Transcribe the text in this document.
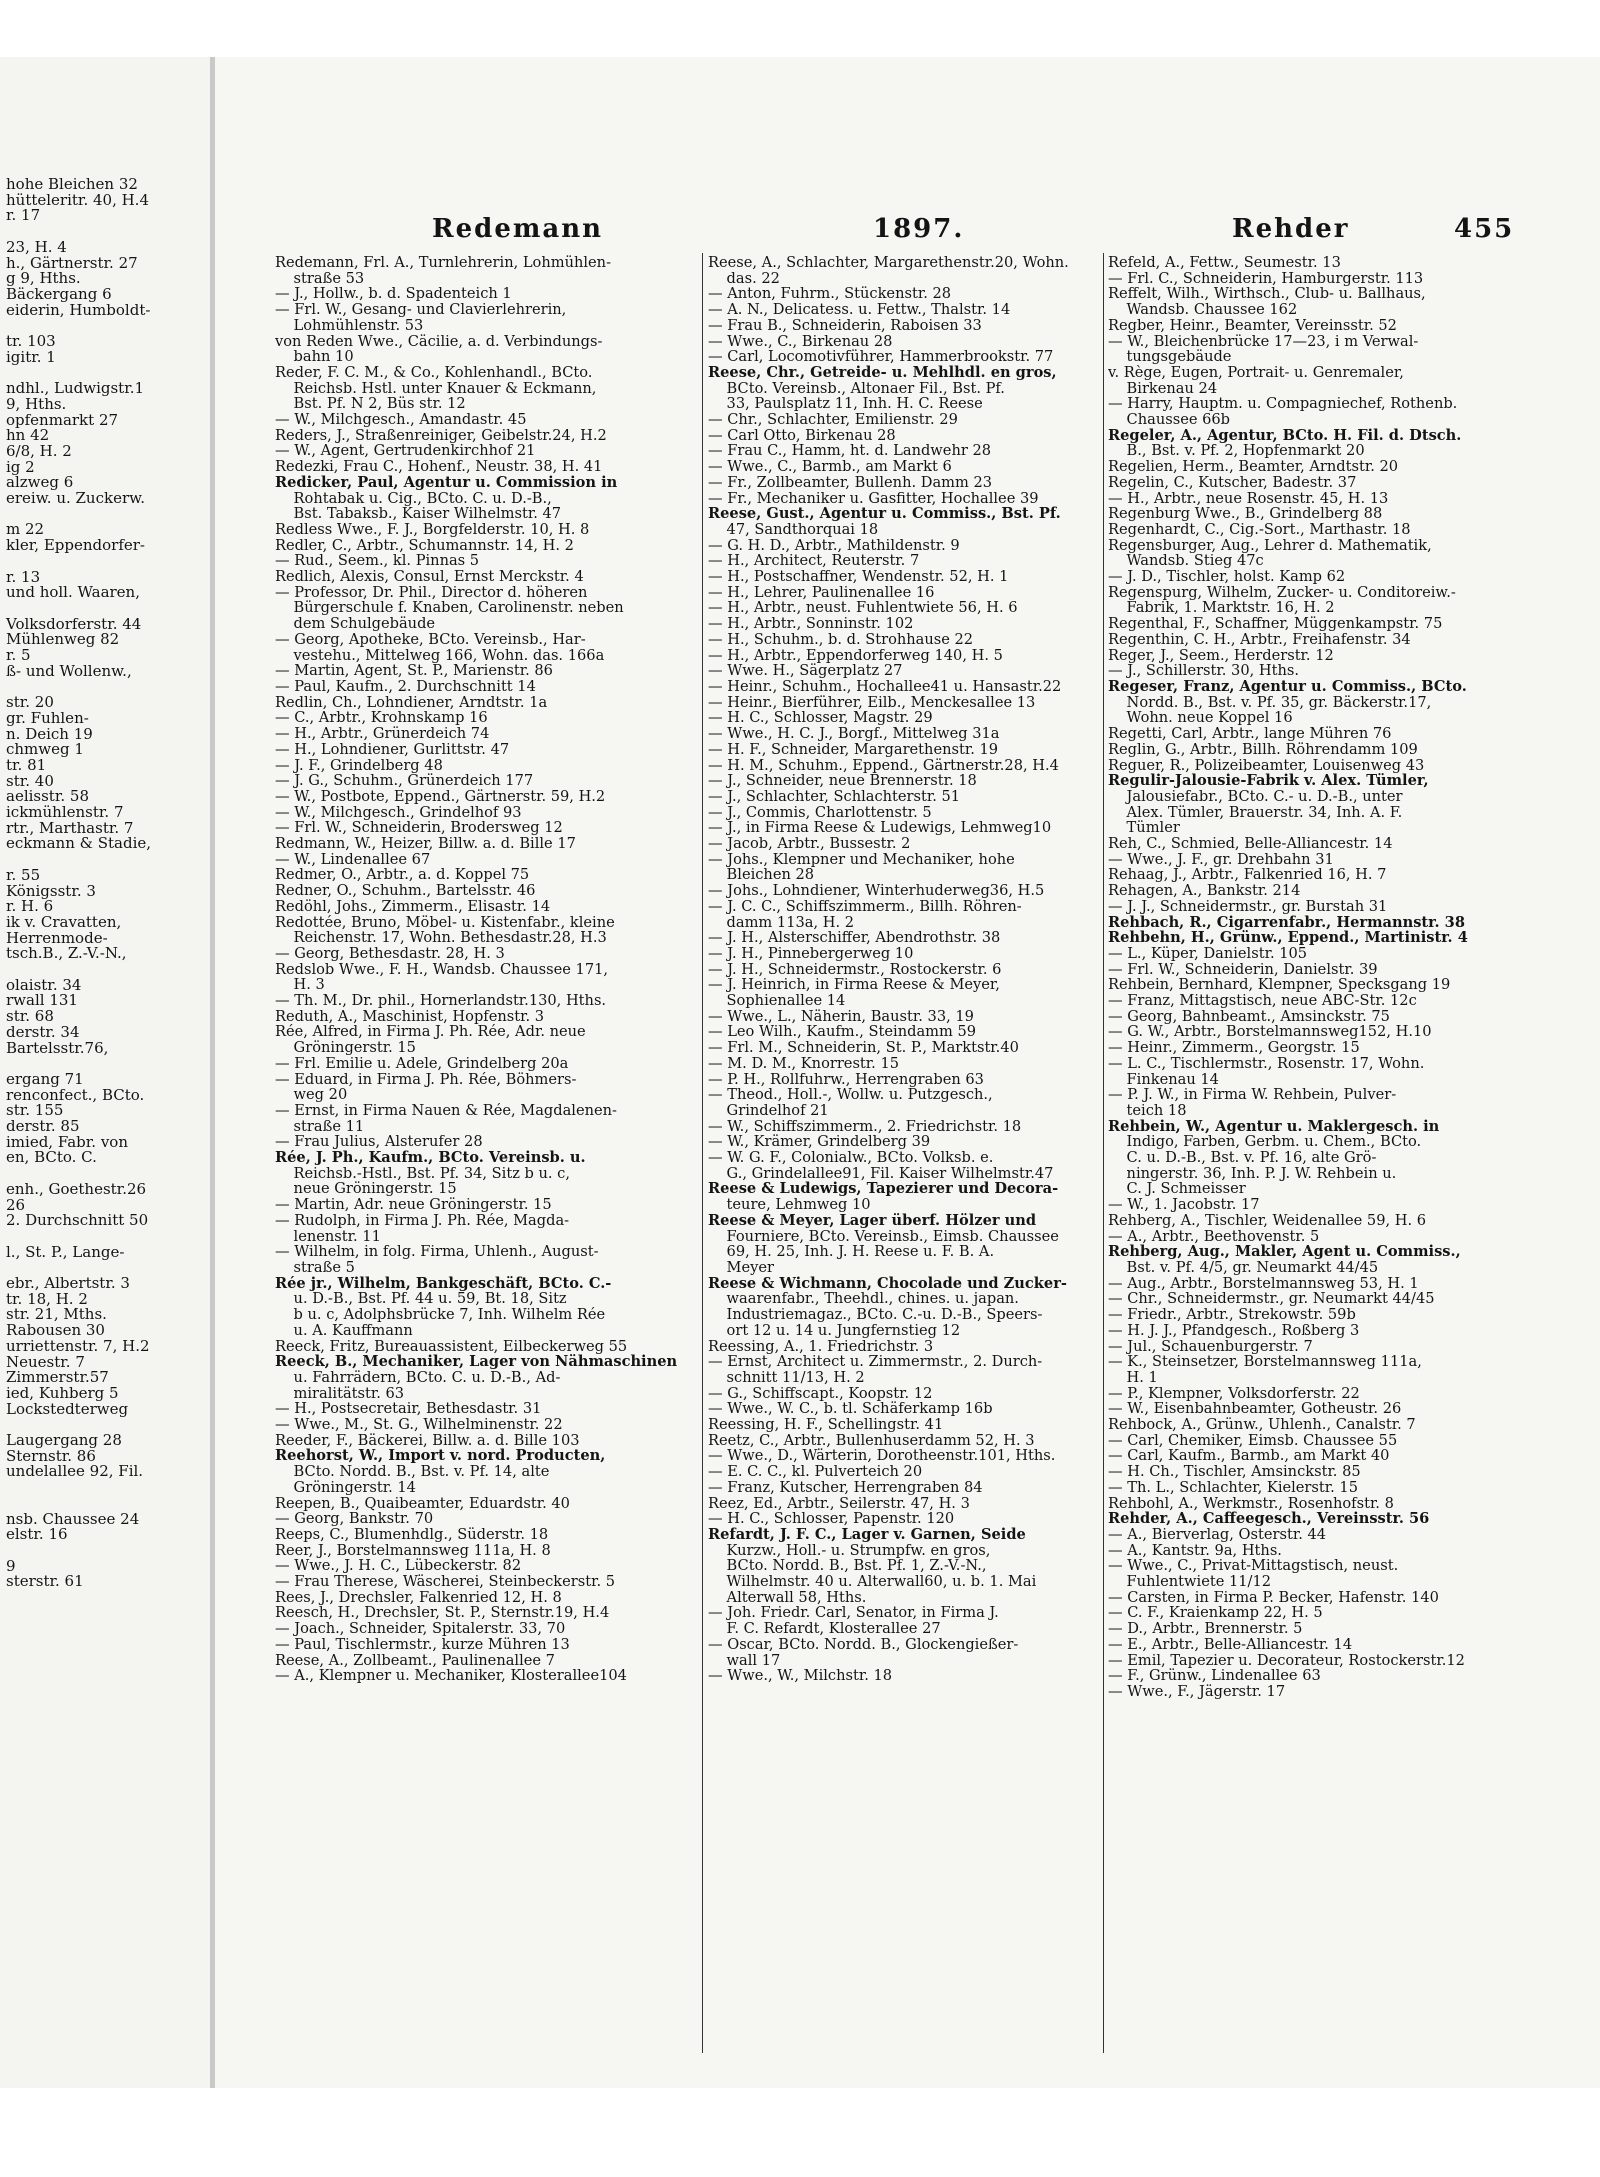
hohe Bleichen 32
hütteleritr. 40, H.4
r. 17
23, H. 4
h., Gärtnerstr. 27
g 9, Hths.
Bäckergang 6
eiderin, Humboldt-
tr. 103
igitr. 1
ndhl., Ludwigstr.1
9, Hths.
opfenmarkt 27
hn 42
6/8, H. 2
ig 2
alzweg 6
ereiw. u. Zuckerw.
m 22
kler, Eppendorfer-
r. 13
und holl. Waaren,
Volksdorferstr. 44
Mühlenweg 82
r. 5
ß- und Wollenw.,
str. 20
gr. Fuhlen-
n. Deich 19
chmweg 1
tr. 81
str. 40
aelisstr. 58
ickmühlenstr. 7
rtr., Marthastr. 7
eckmann & Stadie,
r. 55
Königsstr. 3
r. H. 6
ik v. Cravatten,
Herrenmode-
tsch.B., Z.-V.-N.,
olaistr. 34
rwall 131
str. 68
derstr. 34
Bartelsstr.76,
ergang 71
renconfect., BCto.
str. 155
derstr. 85
imied, Fabr. von
en, BCto. C.
enh., Goethestr.26
26
2. Durchschnitt 50
l., St. P., Lange-
ebr., Albertstr. 3
tr. 18, H. 2
str. 21, Mths.
Rabousen 30
urriettenstr. 7, H.2
Neuestr. 7
Zimmerstr.57
ied, Kuhberg 5
Lockstedterweg
Laugergang 28
Sternstr. 86
undelallee 92, Fil.
nsb. Chaussee 24
elstr. 16
9
sterstr. 61
Redemann	1897.	Rehder	455
Redemann, Frl. A., Turnlehrerin, Lohmühlen-
straße 53
— J., Hollw., b. d. Spadenteich 1
— Frl. W., Gesang- und Clavierlehrerin,
Lohmühlenstr. 53
von Reden Wwe., Cäcilie, a. d. Verbindungs-
bahn 10
Reder, F. C. M., & Co., Kohlenhandl., BCto.
Reichsb. Hstl. unter Knauer & Eckmann,
Bst. Pf. N 2, Büs str. 12
— W., Milchgesch., Amandastr. 45
Reders, J., Straßenreiniger, Geibelstr.24, H.2
— W., Agent, Gertrudenkirchhof 21
Redezki, Frau C., Hohenf., Neustr. 38, H. 41
Redicker, Paul, Agentur u. Commission in
Rohtabak u. Cig., BCto. C. u. D.-B.,
Bst. Tabaksb., Kaiser Wilhelmstr. 47
Redless Wwe., F. J., Borgfelderstr. 10, H. 8
Redler, C., Arbtr., Schumannstr. 14, H. 2
— Rud., Seem., kl. Pinnas 5
Redlich, Alexis, Consul, Ernst Merckstr. 4
— Professor, Dr. Phil., Director d. höheren
Bürgerschule f. Knaben, Carolinenstr. neben
dem Schulgebäude
— Georg, Apotheke, BCto. Vereinsb., Har-
vestehu., Mittelweg 166, Wohn. das. 166a
— Martin, Agent, St. P., Marienstr. 86
— Paul, Kaufm., 2. Durchschnitt 14
Redlin, Ch., Lohndiener, Arndtstr. 1a
— C., Arbtr., Krohnskamp 16
— H., Arbtr., Grünerdeich 74
— H., Lohndiener, Gurlittstr. 47
— J. F., Grindelberg 48
— J. G., Schuhm., Grünerdeich 177
— W., Postbote, Eppend., Gärtnerstr. 59, H.2
— W., Milchgesch., Grindelhof 93
— Frl. W., Schneiderin, Brodersweg 12
Redmann, W., Heizer, Billw. a. d. Bille 17
— W., Lindenallee 67
Redmer, O., Arbtr., a. d. Koppel 75
Redner, O., Schuhm., Bartelsstr. 46
Redöhl, Johs., Zimmerm., Elisastr. 14
Redottée, Bruno, Möbel- u. Kistenfabr., kleine
Reichenstr. 17, Wohn. Bethesdastr.28, H.3
— Georg, Bethesdastr. 28, H. 3
Redslob Wwe., F. H., Wandsb. Chaussee 171,
H. 3
— Th. M., Dr. phil., Hornerlandstr.130, Hths.
Reduth, A., Maschinist, Hopfenstr. 3
Rée, Alfred, in Firma J. Ph. Rée, Adr. neue
Gröningerstr. 15
— Frl. Emilie u. Adele, Grindelberg 20a
— Eduard, in Firma J. Ph. Rée, Böhmers-
weg 20
— Ernst, in Firma Nauen & Rée, Magdalenen-
straße 11
— Frau Julius, Alsterufer 28
Rée, J. Ph., Kaufm., BCto. Vereinsb. u.
Reichsb.-Hstl., Bst. Pf. 34, Sitz b u. c,
neue Gröningerstr. 15
— Martin, Adr. neue Gröningerstr. 15
— Rudolph, in Firma J. Ph. Rée, Magda-
lenenstr. 11
— Wilhelm, in folg. Firma, Uhlenh., August-
straße 5
Rée jr., Wilhelm, Bankgeschäft, BCto. C.-
u. D.-B., Bst. Pf. 44 u. 59, Bt. 18, Sitz
b u. c, Adolphsbrücke 7, Inh. Wilhelm Rée
u. A. Kauffmann
Reeck, Fritz, Bureauassistent, Eilbeckerweg 55
Reeck, B., Mechaniker, Lager von Nähmaschinen
u. Fahrrädern, BCto. C. u. D.-B., Ad-
miralitätstr. 63
— H., Postsecretair, Bethesdastr. 31
— Wwe., M., St. G., Wilhelminenstr. 22
Reeder, F., Bäckerei, Billw. a. d. Bille 103
Reehorst, W., Import v. nord. Producten,
BCto. Nordd. B., Bst. v. Pf. 14, alte
Gröningerstr. 14
Reepen, B., Quaibeamter, Eduardstr. 40
— Georg, Bankstr. 70
Reeps, C., Blumenhdlg., Süderstr. 18
Reer, J., Borstelmannsweg 111a, H. 8
— Wwe., J. H. C., Lübeckerstr. 82
— Frau Therese, Wäscherei, Steinbeckerstr. 5
Rees, J., Drechsler, Falkenried 12, H. 8
Reesch, H., Drechsler, St. P., Sternstr.19, H.4
— Joach., Schneider, Spitalerstr. 33, 70
— Paul, Tischlermstr., kurze Mühren 13
Reese, A., Zollbeamt., Paulinenallee 7
— A., Klempner u. Mechaniker, Klosterallee104
Reese, A., Schlachter, Margarethenstr.20, Wohn.
das. 22
— Anton, Fuhrm., Stückenstr. 28
— A. N., Delicatess. u. Fettw., Thalstr. 14
— Frau B., Schneiderin, Raboisen 33
— Wwe., C., Birkenau 28
— Carl, Locomotivführer, Hammerbrookstr. 77
Reese, Chr., Getreide- u. Mehlhdl. en gros,
BCto. Vereinsb., Altonaer Fil., Bst. Pf.
33, Paulsplatz 11, Inh. H. C. Reese
— Chr., Schlachter, Emilienstr. 29
— Carl Otto, Birkenau 28
— Frau C., Hamm, ht. d. Landwehr 28
— Wwe., C., Barmb., am Markt 6
— Fr., Zollbeamter, Bullenh. Damm 23
— Fr., Mechaniker u. Gasfitter, Hochallee 39
Reese, Gust., Agentur u. Commiss., Bst. Pf.
47, Sandthorquai 18
— G. H. D., Arbtr., Mathildenstr. 9
— H., Architect, Reuterstr. 7
— H., Postschaffner, Wendenstr. 52, H. 1
— H., Lehrer, Paulinenallee 16
— H., Arbtr., neust. Fuhlentwiete 56, H. 6
— H., Arbtr., Sonninstr. 102
— H., Schuhm., b. d. Strohhause 22
— H., Arbtr., Eppendorferweg 140, H. 5
— Wwe. H., Sägerplatz 27
— Heinr., Schuhm., Hochallee41 u. Hansastr.22
— Heinr., Bierführer, Eilb., Menckesallee 13
— H. C., Schlosser, Magstr. 29
— Wwe., H. C. J., Borgf., Mittelweg 31a
— H. F., Schneider, Margarethenstr. 19
— H. M., Schuhm., Eppend., Gärtnerstr.28, H.4
— J., Schneider, neue Brennerstr. 18
— J., Schlachter, Schlachterstr. 51
— J., Commis, Charlottenstr. 5
— J., in Firma Reese & Ludewigs, Lehmweg10
— Jacob, Arbtr., Bussestr. 2
— Johs., Klempner und Mechaniker, hohe
Bleichen 28
— Johs., Lohndiener, Winterhuderweg36, H.5
— J. C. C., Schiffszimmerm., Billh. Röhren-
damm 113a, H. 2
— J. H., Alsterschiffer, Abendrothstr. 38
— J. H., Pinnebergerweg 10
— J. H., Schneidermstr., Rostockerstr. 6
— J. Heinrich, in Firma Reese & Meyer,
Sophienallee 14
— Wwe., L., Näherin, Baustr. 33, 19
— Leo Wilh., Kaufm., Steindamm 59
— Frl. M., Schneiderin, St. P., Marktstr.40
— M. D. M., Knorrestr. 15
— P. H., Rollfuhrw., Herrengraben 63
— Theod., Holl.-, Wollw. u. Putzgesch.,
Grindelhof 21
— W., Schiffszimmerm., 2. Friedrichstr. 18
— W., Krämer, Grindelberg 39
— W. G. F., Colonialw., BCto. Volksb. e.
G., Grindelallee91, Fil. Kaiser Wilhelmstr.47
Reese & Ludewigs, Tapezierer und Decora-
teure, Lehmweg 10
Reese & Meyer, Lager überf. Hölzer und
Fourniere, BCto. Vereinsb., Eimsb. Chaussee
69, H. 25, Inh. J. H. Reese u. F. B. A.
Meyer
Reese & Wichmann, Chocolade und Zucker-
waarenfabr., Theehdl., chines. u. japan.
Industriemagaz., BCto. C.-u. D.-B., Speers-
ort 12 u. 14 u. Jungfernstieg 12
Reessing, A., 1. Friedrichstr. 3
— Ernst, Architect u. Zimmermstr., 2. Durch-
schnitt 11/13, H. 2
— G., Schiffscapt., Koopstr. 12
— Wwe., W. C., b. tl. Schäferkamp 16b
Reessing, H. F., Schellingstr. 41
Reetz, C., Arbtr., Bullenhuserdamm 52, H. 3
— Wwe., D., Wärterin, Dorotheenstr.101, Hths.
— E. C. C., kl. Pulverteich 20
— Franz, Kutscher, Herrengraben 84
Reez, Ed., Arbtr., Seilerstr. 47, H. 3
— H. C., Schlosser, Papenstr. 120
Refardt, J. F. C., Lager v. Garnen, Seide
Kurzw., Holl.- u. Strumpfw. en gros,
BCto. Nordd. B., Bst. Pf. 1, Z.-V.-N.,
Wilhelmstr. 40 u. Alterwall60, u. b. 1. Mai
Alterwall 58, Hths.
— Joh. Friedr. Carl, Senator, in Firma J.
F. C. Refardt, Klosterallee 27
— Oscar, BCto. Nordd. B., Glockengießer-
wall 17
— Wwe., W., Milchstr. 18
Refeld, A., Fettw., Seumestr. 13
— Frl. C., Schneiderin, Hamburgerstr. 113
Reffelt, Wilh., Wirthsch., Club- u. Ballhaus,
Wandsb. Chaussee 162
Regber, Heinr., Beamter, Vereinsstr. 52
— W., Bleichenbrücke 17—23, i m Verwal-
tungsgebäude
v. Rège, Eugen, Portrait- u. Genremaler,
Birkenau 24
— Harry, Hauptm. u. Compagniechef, Rothenb.
Chaussee 66b
Regeler, A., Agentur, BCto. H. Fil. d. Dtsch.
B., Bst. v. Pf. 2, Hopfenmarkt 20
Regelien, Herm., Beamter, Arndtstr. 20
Regelin, C., Kutscher, Badestr. 37
— H., Arbtr., neue Rosenstr. 45, H. 13
Regenburg Wwe., B., Grindelberg 88
Regenhardt, C., Cig.-Sort., Marthastr. 18
Regensburger, Aug., Lehrer d. Mathematik,
Wandsb. Stieg 47c
— J. D., Tischler, holst. Kamp 62
Regenspurg, Wilhelm, Zucker- u. Conditoreiw.-
Fabrik, 1. Marktstr. 16, H. 2
Regenthal, F., Schaffner, Müggenkampstr. 75
Regenthin, C. H., Arbtr., Freihafenstr. 34
Reger, J., Seem., Herderstr. 12
— J., Schillerstr. 30, Hths.
Regeser, Franz, Agentur u. Commiss., BCto.
Nordd. B., Bst. v. Pf. 35, gr. Bäckerstr.17,
Wohn. neue Koppel 16
Regetti, Carl, Arbtr., lange Mühren 76
Reglin, G., Arbtr., Billh. Röhrendamm 109
Reguer, R., Polizeibeamter, Louisenweg 43
Regulir-Jalousie-Fabrik v. Alex. Tümler,
Jalousiefabr., BCto. C.- u. D.-B., unter
Alex. Tümler, Brauerstr. 34, Inh. A. F.
Tümler
Reh, C., Schmied, Belle-Alliancestr. 14
— Wwe., J. F., gr. Drehbahn 31
Rehaag, J., Arbtr., Falkenried 16, H. 7
Rehagen, A., Bankstr. 214
— J. J., Schneidermstr., gr. Burstah 31
Rehbach, R., Cigarrenfabr., Hermannstr. 38
Rehbehn, H., Grünw., Eppend., Martinistr. 4
— L., Küper, Danielstr. 105
— Frl. W., Schneiderin, Danielstr. 39
Rehbein, Bernhard, Klempner, Specksgang 19
— Franz, Mittagstisch, neue ABC-Str. 12c
— Georg, Bahnbeamt., Amsinckstr. 75
— G. W., Arbtr., Borstelmannsweg152, H.10
— Heinr., Zimmerm., Georgstr. 15
— L. C., Tischlermstr., Rosenstr. 17, Wohn.
Finkenau 14
— P. J. W., in Firma W. Rehbein, Pulver-
teich 18
Rehbein, W., Agentur u. Maklergesch. in
Indigo, Farben, Gerbm. u. Chem., BCto.
C. u. D.-B., Bst. v. Pf. 16, alte Grö-
ningerstr. 36, Inh. P. J. W. Rehbein u.
C. J. Schmeisser
— W., 1. Jacobstr. 17
Rehberg, A., Tischler, Weidenallee 59, H. 6
— A., Arbtr., Beethovenstr. 5
Rehberg, Aug., Makler, Agent u. Commiss.,
Bst. v. Pf. 4/5, gr. Neumarkt 44/45
— Aug., Arbtr., Borstelmannsweg 53, H. 1
— Chr., Schneidermstr., gr. Neumarkt 44/45
— Friedr., Arbtr., Strekowstr. 59b
— H. J. J., Pfandgesch., Roßberg 3
— Jul., Schauenburgerstr. 7
— K., Steinsetzer, Borstelmannsweg 111a,
H. 1
— P., Klempner, Volksdorferstr. 22
— W., Eisenbahnbeamter, Gotheustr. 26
Rehbock, A., Grünw., Uhlenh., Canalstr. 7
— Carl, Chemiker, Eimsb. Chaussee 55
— Carl, Kaufm., Barmb., am Markt 40
— H. Ch., Tischler, Amsinckstr. 85
— Th. L., Schlachter, Kielerstr. 15
Rehbohl, A., Werkmstr., Rosenhofstr. 8
Rehder, A., Caffeegesch., Vereinsstr. 56
— A., Bierverlag, Osterstr. 44
— A., Kantstr. 9a, Hths.
— Wwe., C., Privat-Mittagstisch, neust.
Fuhlentwiete 11/12
— Carsten, in Firma P. Becker, Hafenstr. 140
— C. F., Kraienkamp 22, H. 5
— D., Arbtr., Brennerstr. 5
— E., Arbtr., Belle-Alliancestr. 14
— Emil, Tapezier u. Decorateur, Rostockerstr.12
— F., Grünw., Lindenallee 63
— Wwe., F., Jägerstr. 17
